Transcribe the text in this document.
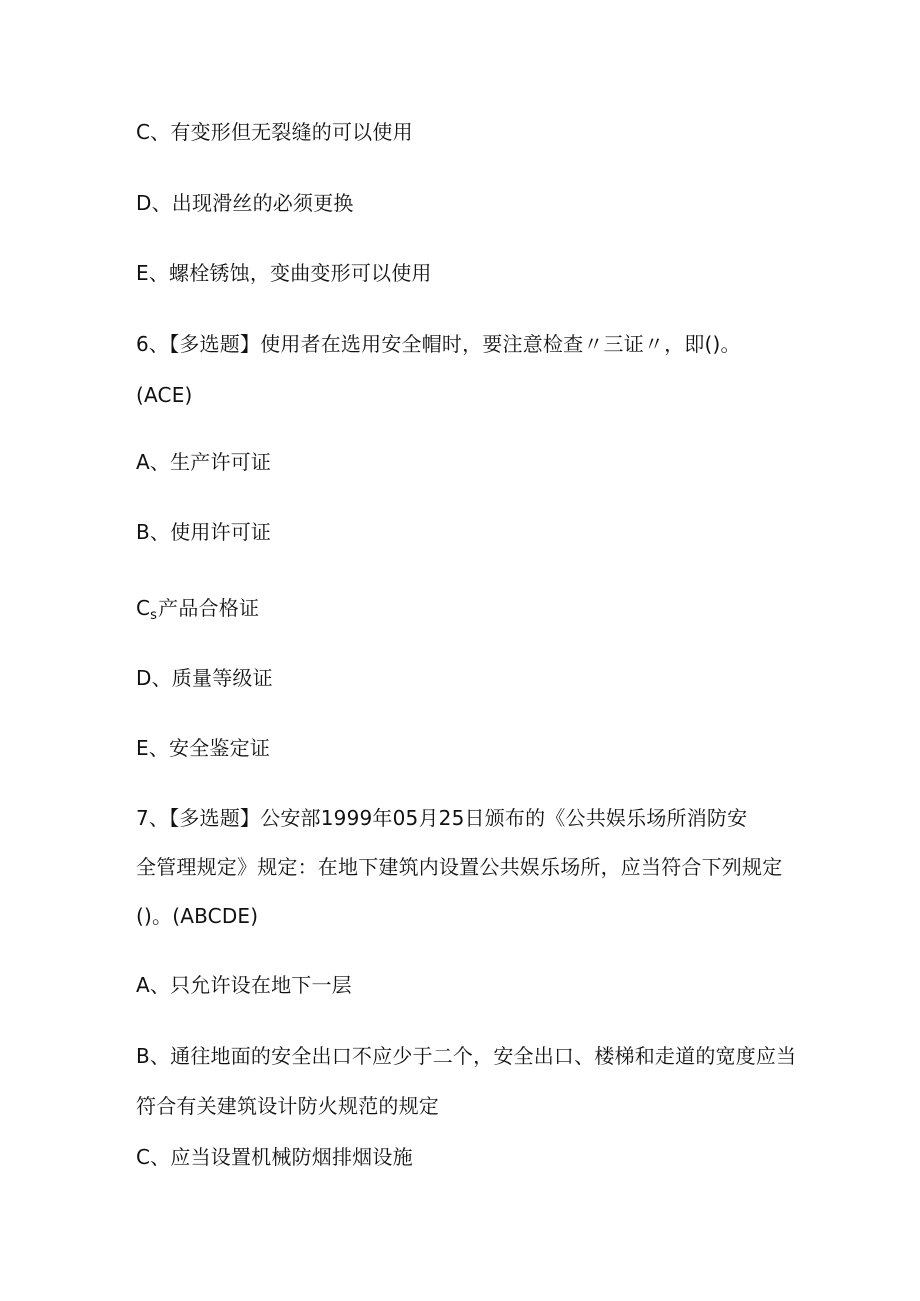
C、有变形但无裂缝的可以使用
D、出现滑丝的必须更换
E、螺栓锈蚀，变曲变形可以使用
6、【多选题】使用者在选用安全帽时，要注意检查〃三证〃，即()。
(ACE)
A、生产许可证
B、使用许可证
$C_s$产品合格证
D、质量等级证
E、安全鉴定证
7、【多选题】公安部1999年05月25日颁布的《公共娱乐场所消防安
全管理规定》规定：在地下建筑内设置公共娱乐场所，应当符合下列规定
()。(ABCDE)
A、只允许设在地下一层
B、通往地面的安全出口不应少于二个，安全出口、楼梯和走道的宽度应当
符合有关建筑设计防火规范的规定
C、应当设置机械防烟排烟设施
